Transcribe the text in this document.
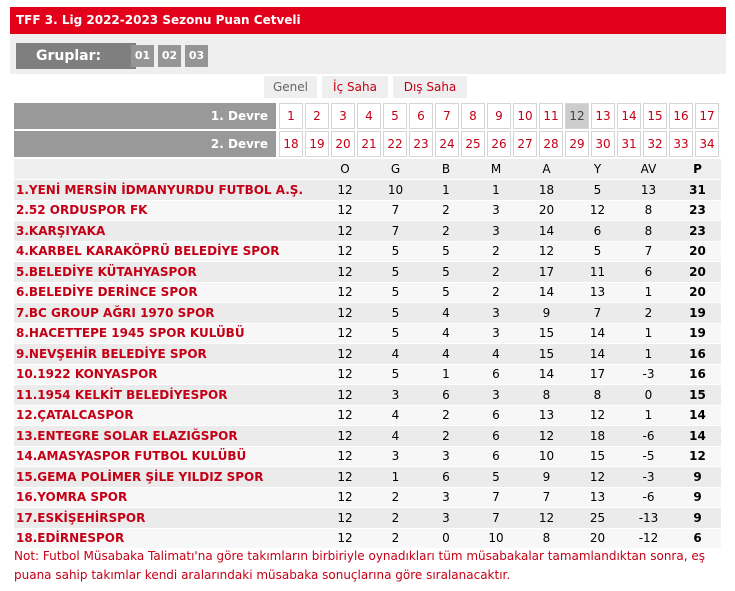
TFF 3. Lig 2022-2023 Sezonu Puan Cetveli
Gruplar:	01	02	03
Genel	İç Saha	Dış Saha
1. Devre	1	2	3	4	5	6	7	8	9	10 11 12 13 14 15 16 17
2. Devre	18 19 20 21 22 23 24 25 26 27 28 29 30 31 32 33 34
	O	G	B	M	A	Y	AV	P
1.YENİ MERSİN İDMANYURDU FUTBOL A.Ş.	12	10	1	1	18	5	13	31
2.52 ORDUSPOR FK	12	7	2	3	20	12	8	23
3.KARŞIYAKA	12	7	2	3	14	6	8	23
4.KARBEL KARAKÖPRÜ BELEDİYE SPOR	12	5	5	2	12	5	7	20
5.BELEDİYE KÜTAHYASPOR	12	5	5	2	17	11	6	20
6.BELEDİYE DERİNCE SPOR	12	5	5	2	14	13	1	20
7.BC GROUP AĞRI 1970 SPOR	12	5	4	3	9	7	2	19
8.HACETTEPE 1945 SPOR KULÜBÜ	12	5	4	3	15	14	1	19
9.NEVŞEHİR BELEDİYE SPOR	12	4	4	4	15	14	1	16
10.1922 KONYASPOR	12	5	1	6	14	17	-3	16
11.1954 KELKİT BELEDİYESPOR	12	3	6	3	8	8	0	15
12.ÇATALCASPOR	12	4	2	6	13	12	1	14
13.ENTEGRE SOLAR ELAZIĞSPOR	12	4	2	6	12	18	-6	14
14.AMASYASPOR FUTBOL KULÜBÜ	12	3	3	6	10	15	-5	12
15.GEMA POLİMER ŞİLE YILDIZ SPOR	12	1	6	5	9	12	-3	9
16.YOMRA SPOR	12	2	3	7	7	13	-6	9
17.ESKİŞEHİRSPOR	12	2	3	7	12	25	-13	9
18.EDİRNESPOR	12	2	0	10	8	20	-12	6
Not: Futbol Müsabaka Talimatı'na göre takımların birbiriyle oynadıkları tüm müsabakalar tamamlandıktan sonra, eş puana sahip takımlar kendi aralarındaki müsabaka sonuçlarına göre sıralanacaktır.
